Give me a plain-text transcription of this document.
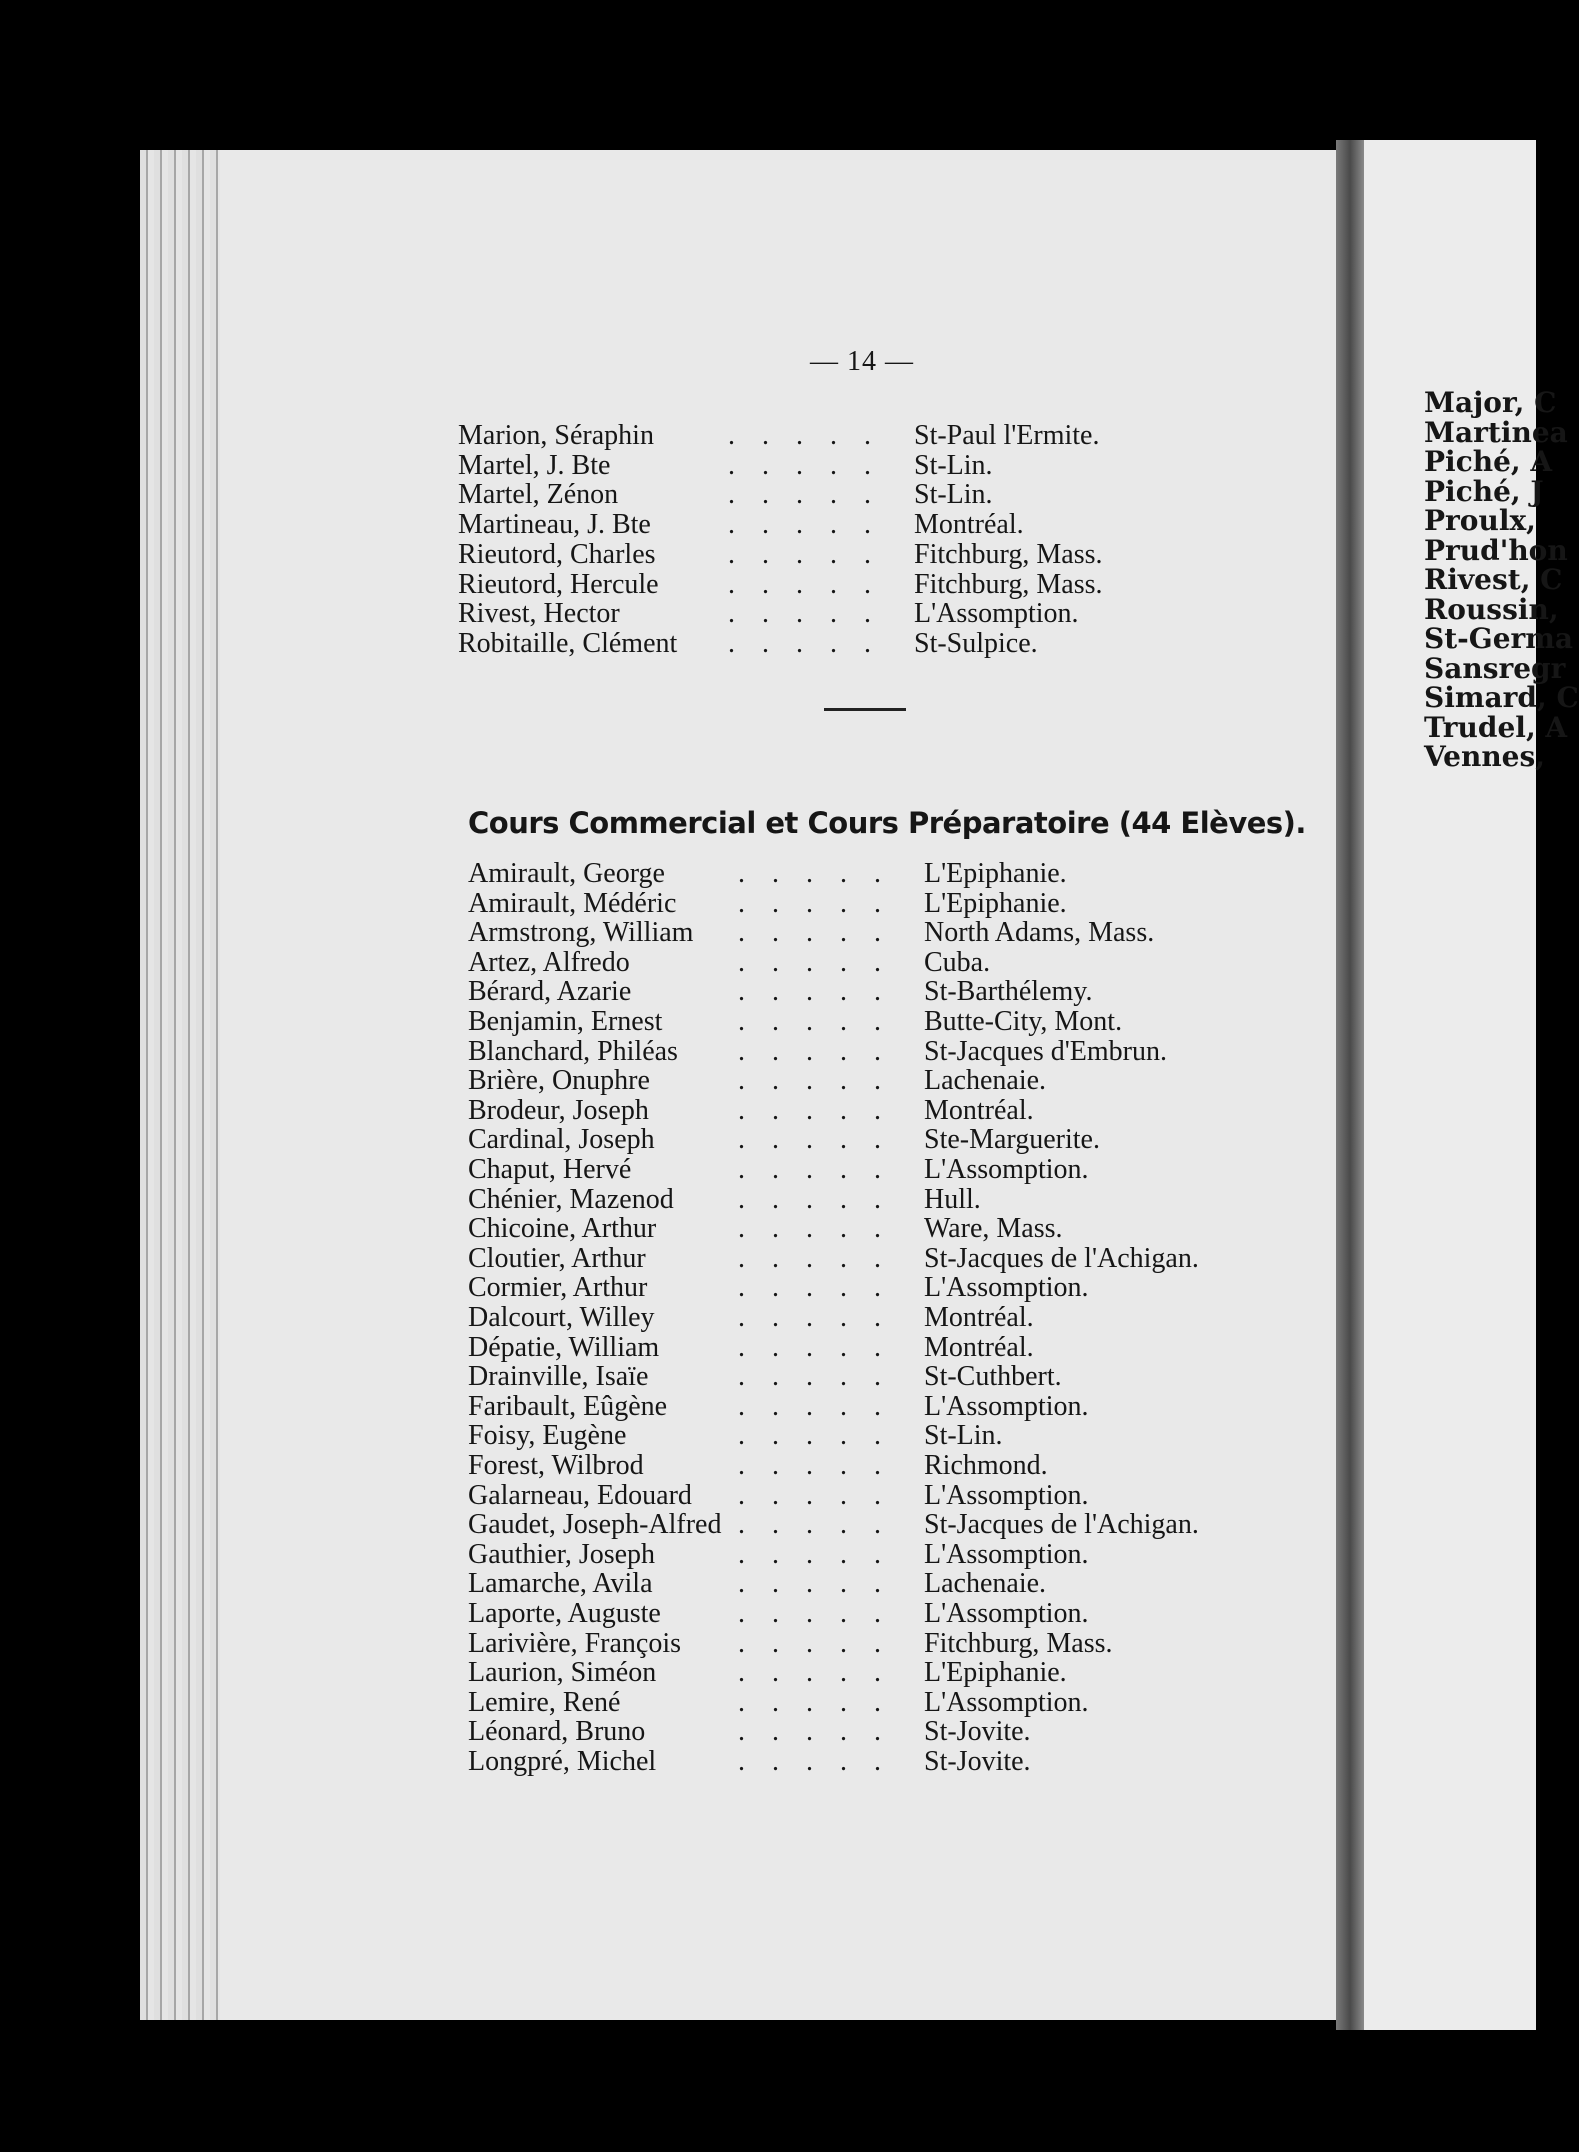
Major, C
Martinea
Piché, A
Piché, J
Proulx,
Prud'hon
Rivest, C
Roussin,
St-Germa
Sansregr
Simard, C
Trudel, A
Vennes,
— 14 —
Marion, Séraphin	. . . . . St-Paul l'Ermite.
Martel, J. Bte	. . . . . St-Lin.
Martel, Zénon	. . . . . St-Lin.
Martineau, J. Bte	. . . . . Montréal.
Rieutord, Charles	. . . . . Fitchburg, Mass.
Rieutord, Hercule . . . . . Fitchburg, Mass.
Rivest, Hector	. . . . . L'Assomption.
Robitaille, Clément . . . . . St-Sulpice.
Cours Commercial et Cours Préparatoire (44 Elèves).
Amirault, George	. . . . . L'Epiphanie.
Amirault, Médéric . . . . . L'Epiphanie.
Armstrong, William . . . . . North Adams, Mass.
Artez, Alfredo	. . . . . Cuba.
Bérard, Azarie	. . . . . St-Barthélemy.
Benjamin, Ernest	. . . . . Butte-City, Mont.
Blanchard, Philéas . . . . . St-Jacques d'Embrun.
Brière, Onuphre	. . . . . Lachenaie.
Brodeur, Joseph	. . . . . Montréal.
Cardinal, Joseph	. . . . . Ste-Marguerite.
Chaput, Hervé	. . . . . L'Assomption.
Chénier, Mazenod . . . . . Hull.
Chicoine, Arthur	. . . . . Ware, Mass.
Cloutier, Arthur	. . . . . St-Jacques de l'Achigan.
Cormier, Arthur	. . . . . L'Assomption.
Dalcourt, Willey	. . . . . Montréal.
Dépatie, William	. . . . . Montréal.
Drainville, Isaïe	. . . . . St-Cuthbert.
Faribault, Eûgène	. . . . . L'Assomption.
Foisy, Eugène	. . . . . St-Lin.
Forest, Wilbrod	. . . . . Richmond.
Galarneau, Edouard . . . . . L'Assomption.
Gaudet, Joseph-Alfred . . . . . St-Jacques de l'Achigan.
Gauthier, Joseph	. . . . . L'Assomption.
Lamarche, Avila	. . . . . Lachenaie.
Laporte, Auguste	. . . . . L'Assomption.
Larivière, François . . . . . Fitchburg, Mass.
Laurion, Siméon	. . . . . L'Epiphanie.
Lemire, René	. . . . . L'Assomption.
Léonard, Bruno	. . . . . St-Jovite.
Longpré, Michel	. . . . . St-Jovite.
